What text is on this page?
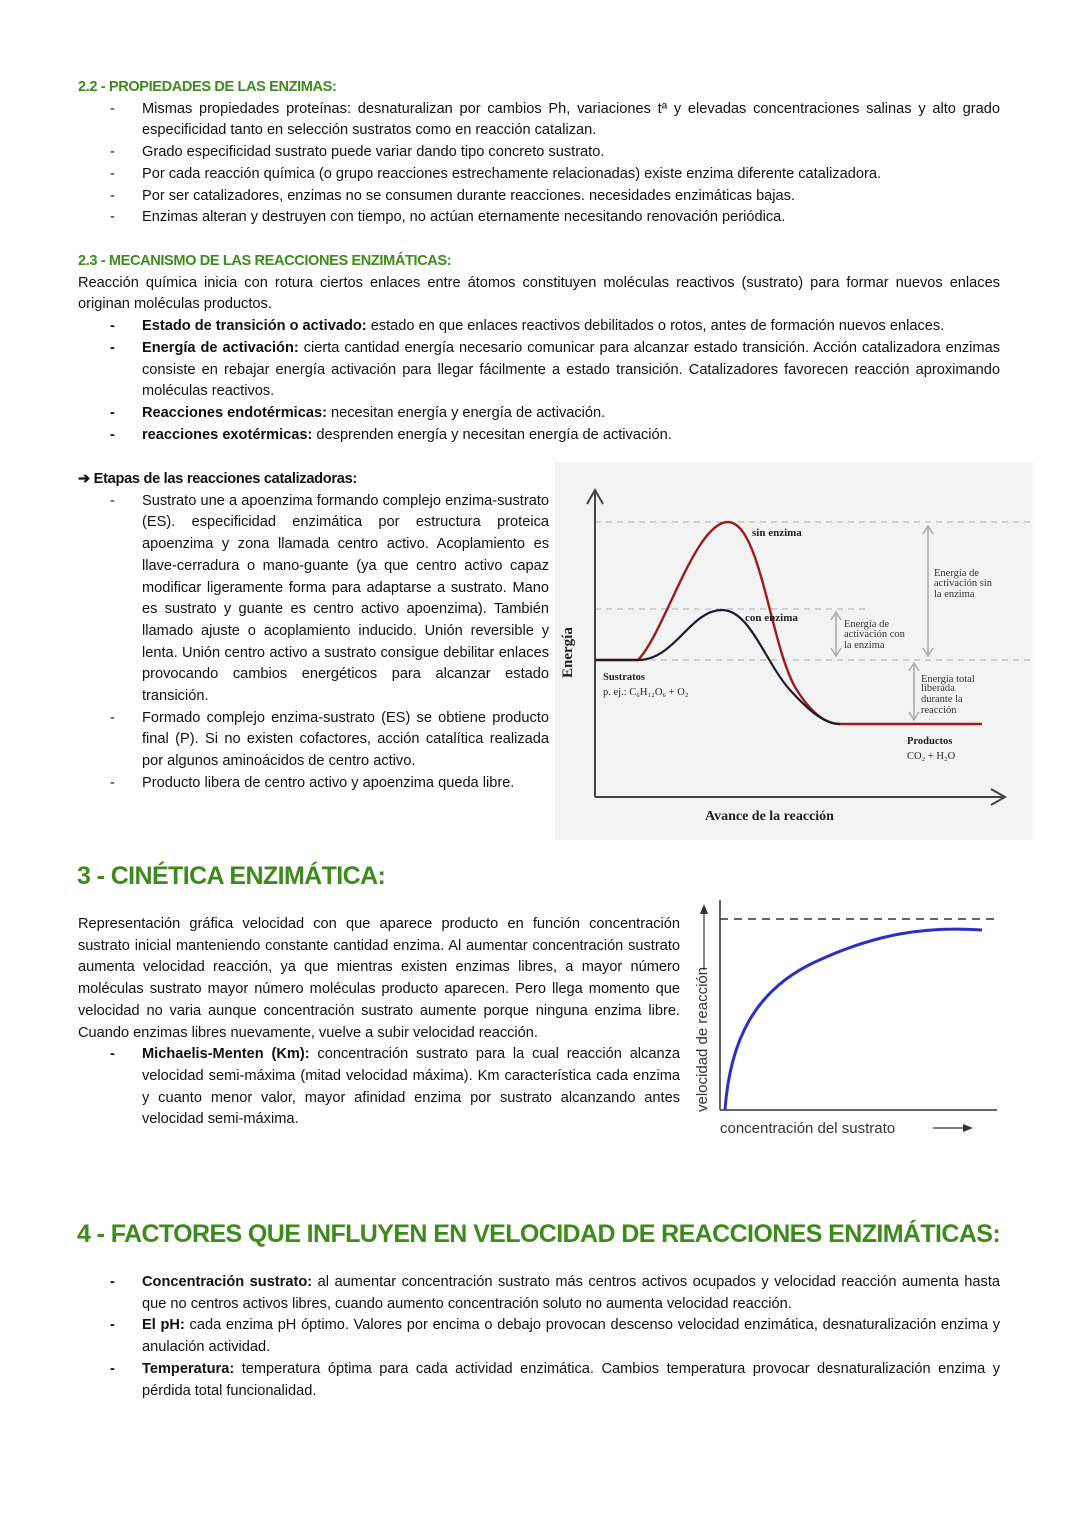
2.2 - PROPIEDADES DE LAS ENZIMAS:
- Mismas propiedades proteínas: desnaturalizan por cambios Ph, variaciones tª y elevadas concentraciones salinas y alto grado especificidad tanto en selección sustratos como en reacción catalizan.
- Grado especificidad sustrato puede variar dando tipo concreto sustrato.
- Por cada reacción química (o grupo reacciones estrechamente relacionadas) existe enzima diferente catalizadora.
- Por ser catalizadores, enzimas no se consumen durante reacciones. necesidades enzimáticas bajas.
- Enzimas alteran y destruyen con tiempo, no actúan eternamente necesitando renovación periódica.
2.3 - MECANISMO DE LAS REACCIONES ENZIMÁTICAS:

Reacción química inicia con rotura ciertos enlaces entre átomos constituyen moléculas reactivos (sustrato) para formar nuevos enlaces originan moléculas productos.

- Estado de transición o activado: estado en que enlaces reactivos debilitados o rotos, antes de formación nuevos enlaces.
- Energía de activación: cierta cantidad energía necesario comunicar para alcanzar estado transición. Acción catalizadora enzimas consiste en rebajar energía activación para llegar fácilmente a estado transición. Catalizadores favorecen reacción aproximando moléculas reactivos.
- Reacciones endotérmicas: necesitan energía y energía de activación.
- reacciones exotérmicas: desprenden energía y necesitan energía de activación.
➔ Etapas de las reacciones catalizadoras:
- Sustrato une a apoenzima formando complejo enzima-sustrato (ES). especificidad enzimática por estructura proteica apoenzima y zona llamada centro activo. Acoplamiento es llave-cerradura o mano-guante (ya que centro activo capaz modificar ligeramente forma para adaptarse a sustrato. Mano es sustrato y guante es centro activo apoenzima). También llamado ajuste o acoplamiento inducido. Unión reversible y lenta. Unión centro activo a sustrato consigue debilitar enlaces provocando cambios energéticos para alcanzar estado transición.
- Formado complejo enzima-sustrato (ES) se obtiene producto final (P). Si no existen cofactores, acción catalítica realizada por algunos aminoácidos de centro activo.
- Producto libera de centro activo y apoenzima queda libre.
sin enzima
con enzima
Energía de activación sin la enzima
Energía de activación con la enzima
Energía total liberada durante la reacción
Sustratos
p. ej.: C₆H₁₂O₆ + O₂
Productos
CO₂ + H₂O
Avance de la reacción
Energía
3 - CINÉTICA ENZIMÁTICA:

Representación gráfica velocidad con que aparece producto en función concentración sustrato inicial manteniendo constante cantidad enzima. Al aumentar concentración sustrato aumenta velocidad reacción, ya que mientras existen enzimas libres, a mayor número moléculas sustrato mayor número moléculas producto aparecen. Pero llega momento que velocidad no varia aunque concentración sustrato aumente porque ninguna enzima libre. Cuando enzimas libres nuevamente, vuelve a subir velocidad reacción.

- Michaelis-Menten (Km): concentración sustrato para la cual reacción alcanza velocidad semi-máxima (mitad velocidad máxima). Km característica cada enzima y cuanto menor valor, mayor afinidad enzima por sustrato alcanzando antes velocidad semi-máxima.
concentración del sustrato
velocidad de reacción
4 - FACTORES QUE INFLUYEN EN VELOCIDAD DE REACCIONES ENZIMÁTICAS:
- Concentración sustrato: al aumentar concentración sustrato más centros activos ocupados y velocidad reacción aumenta hasta que no centros activos libres, cuando aumento concentración soluto no aumenta velocidad reacción.
- El pH: cada enzima pH óptimo. Valores por encima o debajo provocan descenso velocidad enzimática, desnaturalización enzima y anulación actividad.
- Temperatura: temperatura óptima para cada actividad enzimática. Cambios temperatura provocar desnaturalización enzima y pérdida total funcionalidad.
